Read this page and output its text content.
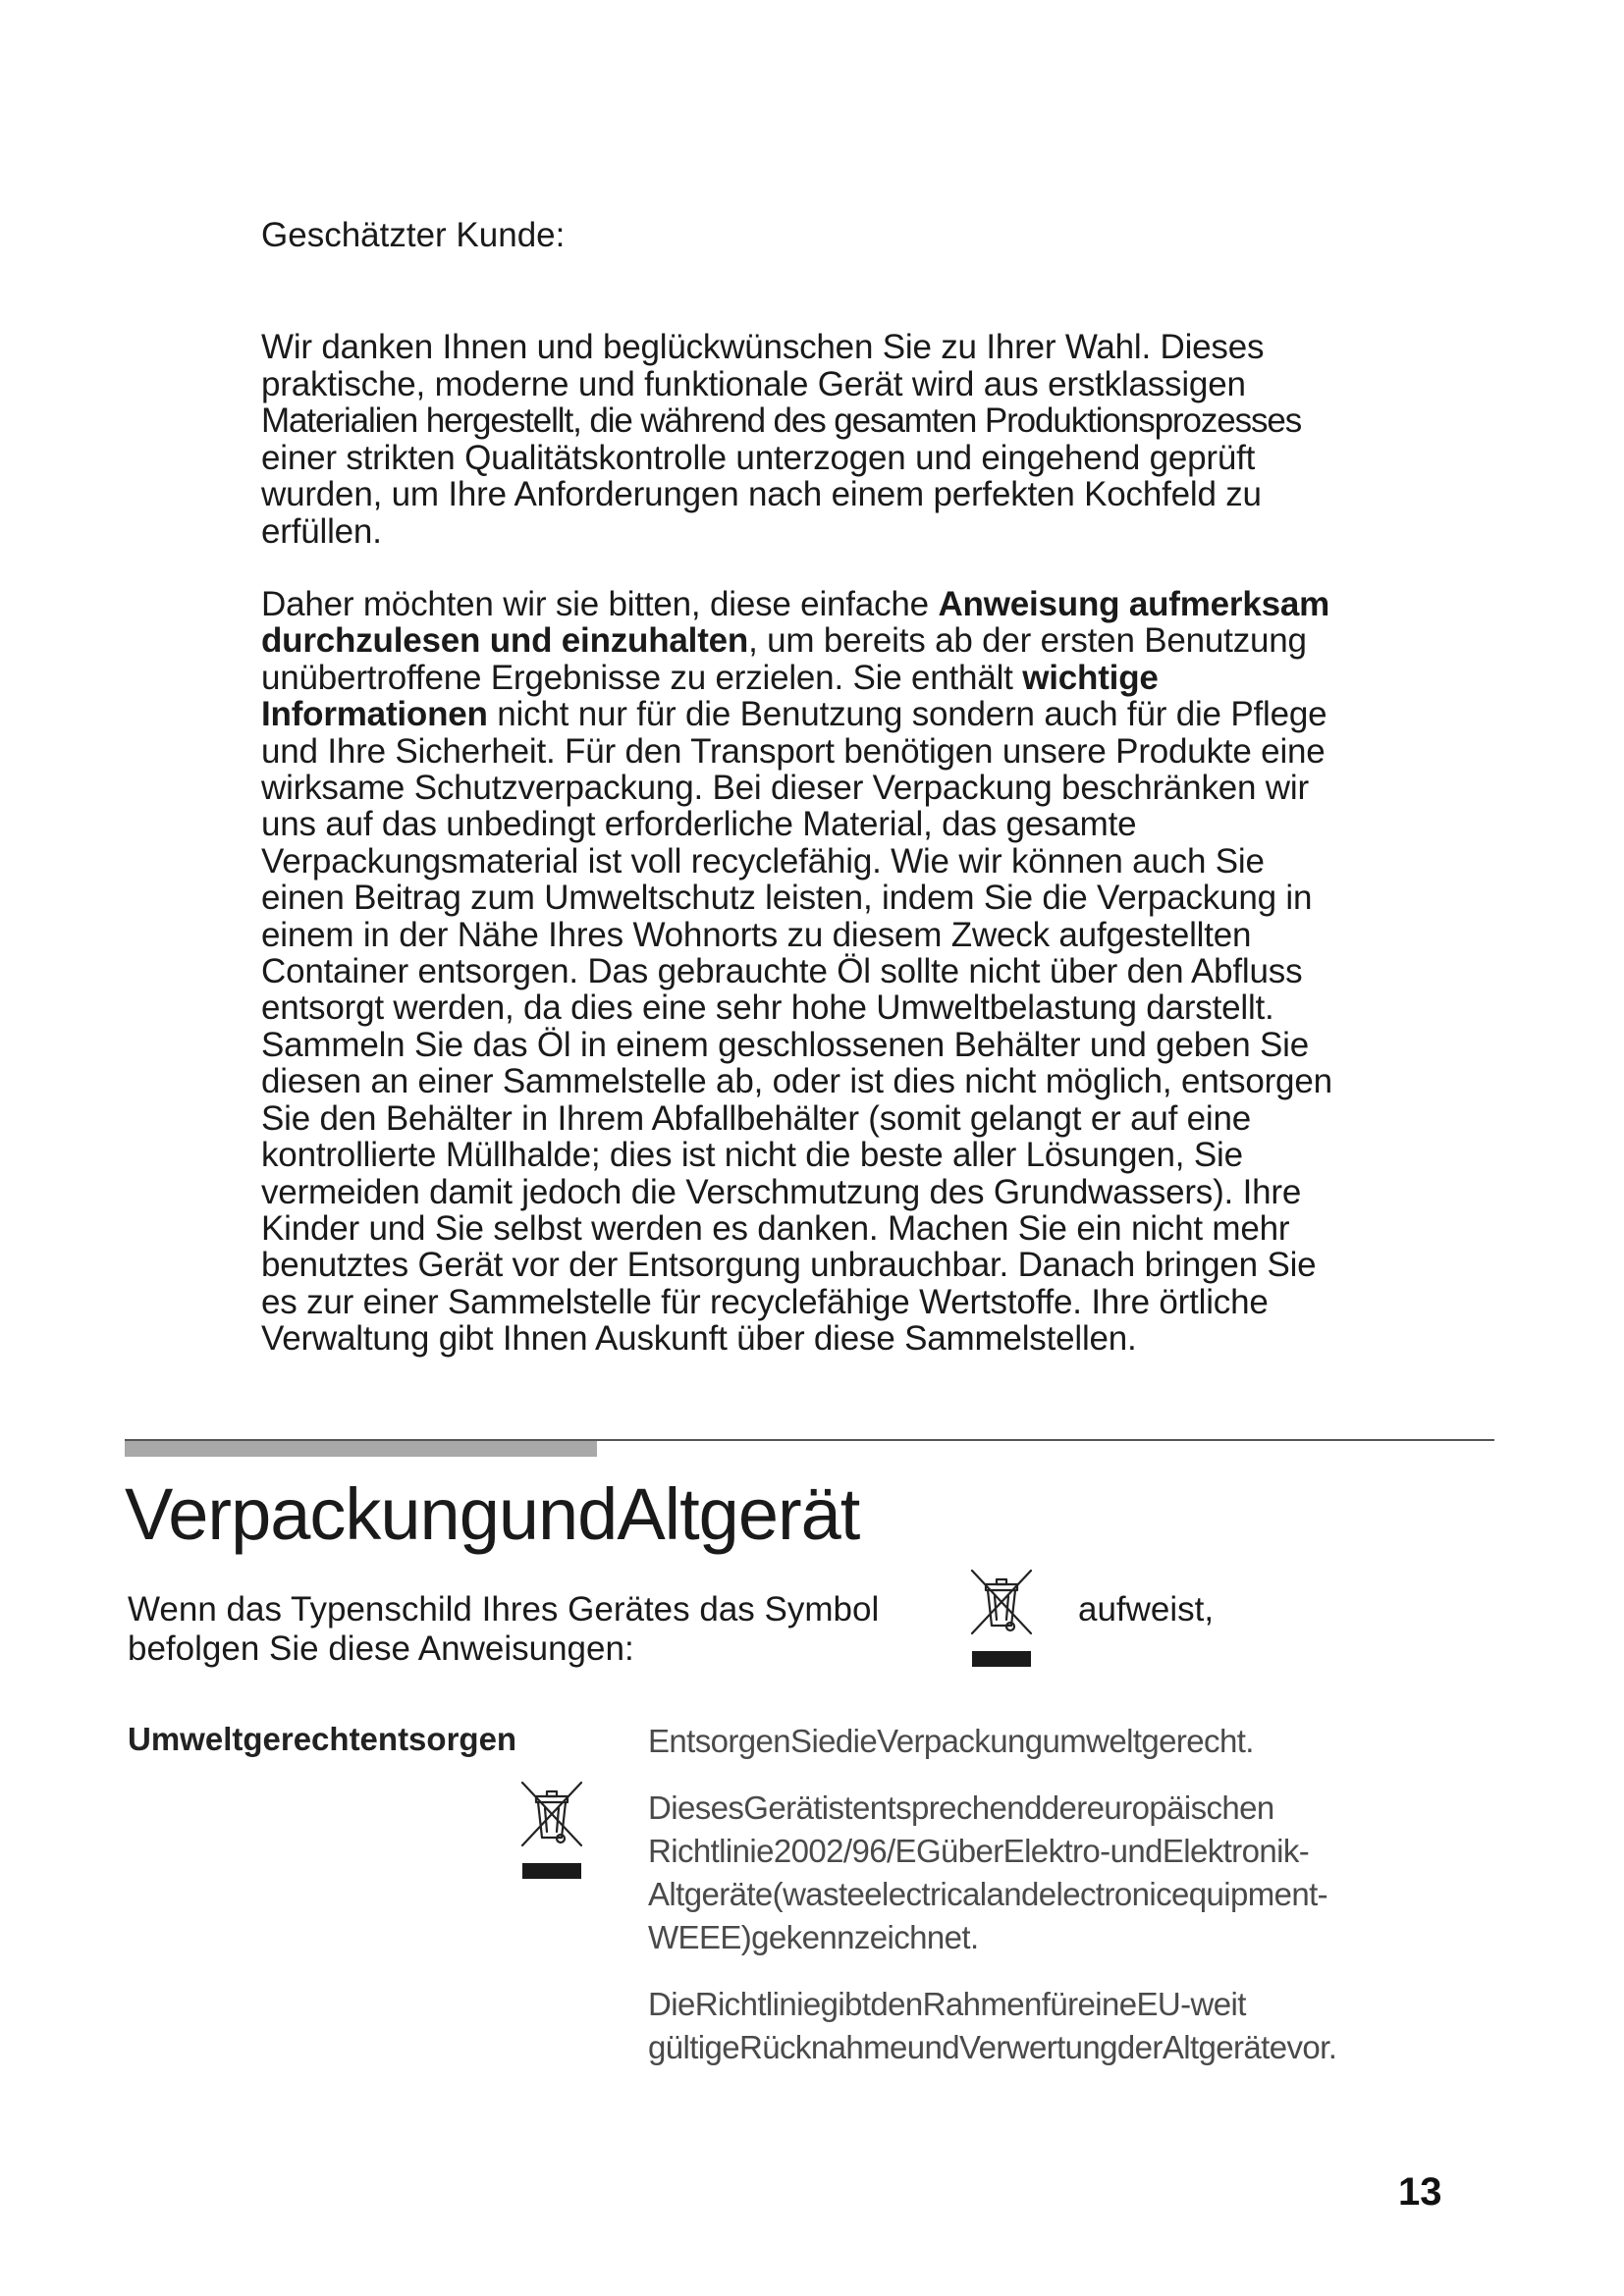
Geschätzter Kunde:

Wir danken Ihnen und beglückwünschen Sie zu Ihrer Wahl. Dieses
praktische, moderne und funktionale Gerät wird aus erstklassigen
Materialien hergestellt, die während des gesamten Produktionsprozesses
einer strikten Qualitätskontrolle unterzogen und eingehend geprüft
wurden, um Ihre Anforderungen nach einem perfekten Kochfeld zu
erfüllen.

Daher möchten wir sie bitten, diese einfache Anweisung aufmerksam
durchzulesen und einzuhalten, um bereits ab der ersten Benutzung
unübertroffene Ergebnisse zu erzielen. Sie enthält wichtige
Informationen nicht nur für die Benutzung sondern auch für die Pflege
und Ihre Sicherheit. Für den Transport benötigen unsere Produkte eine
wirksame Schutzverpackung. Bei dieser Verpackung beschränken wir
uns auf das unbedingt erforderliche Material, das gesamte
Verpackungsmaterial ist voll recyclefähig. Wie wir können auch Sie
einen Beitrag zum Umweltschutz leisten, indem Sie die Verpackung in
einem in der Nähe Ihres Wohnorts zu diesem Zweck aufgestellten
Container entsorgen. Das gebrauchte Öl sollte nicht über den Abfluss
entsorgt werden, da dies eine sehr hohe Umweltbelastung darstellt.
Sammeln Sie das Öl in einem geschlossenen Behälter und geben Sie
diesen an einer Sammelstelle ab, oder ist dies nicht möglich, entsorgen
Sie den Behälter in Ihrem Abfallbehälter (somit gelangt er auf eine
kontrollierte Müllhalde; dies ist nicht die beste aller Lösungen, Sie
vermeiden damit jedoch die Verschmutzung des Grundwassers). Ihre
Kinder und Sie selbst werden es danken. Machen Sie ein nicht mehr
benutztes Gerät vor der Entsorgung unbrauchbar. Danach bringen Sie
es zur einer Sammelstelle für recyclefähige Wertstoffe. Ihre örtliche
Verwaltung gibt Ihnen Auskunft über diese Sammelstellen.

VerpackungundAltgerät

Wenn das Typenschild Ihres Gerätes das Symbol	aufweist,

befolgen Sie diese Anweisungen:

Umweltgerechtentsorgen	EntsorgenSiedieVerpackungumweltgerecht.

DiesesGerätistentsprechenddereuropäischen
Richtlinie2002/96/EGüberElektro-undElektronik-
Altgeräte(wasteelectricalandelectronicequipment-
WEEE)gekennzeichnet.

DieRichtliniegibtdenRahmenfüreineEU-weit
gültigeRücknahmeundVerwertungderAltgerätevor.

13
